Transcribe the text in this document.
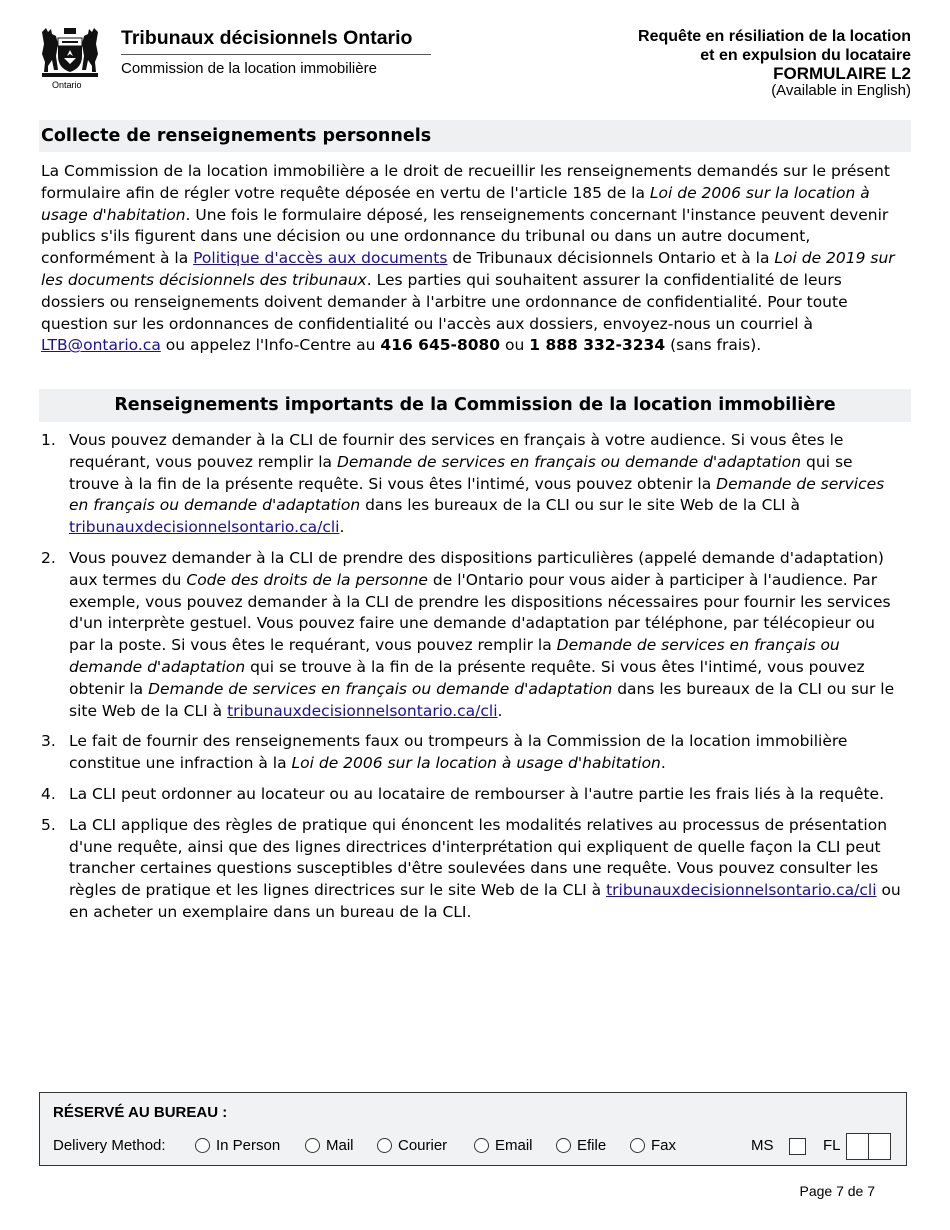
Ontario
Tribunaux décisionnels Ontario
Commission de la location immobilière
Requête en résiliation de la location
et en expulsion du locataire
FORMULAIRE L2
(Available in English)
Collecte de renseignements personnels

La Commission de la location immobilière a le droit de recueillir les renseignements demandés sur le présent formulaire afin de régler votre requête déposée en vertu de l'article 185 de la Loi de 2006 sur la location à usage d'habitation. Une fois le formulaire déposé, les renseignements concernant l'instance peuvent devenir publics s'ils figurent dans une décision ou une ordonnance du tribunal ou dans un autre document, conformément à la Politique d'accès aux documents de Tribunaux décisionnels Ontario et à la Loi de 2019 sur les documents décisionnels des tribunaux. Les parties qui souhaitent assurer la confidentialité de leurs dossiers ou renseignements doivent demander à l'arbitre une ordonnance de confidentialité. Pour toute question sur les ordonnances de confidentialité ou l'accès aux dossiers, envoyez-nous un courriel à LTB@ontario.ca ou appelez l'Info-Centre au 416 645-8080 ou 1 888 332-3234 (sans frais).

Renseignements importants de la Commission de la location immobilière
1. Vous pouvez demander à la CLI de fournir des services en français à votre audience. Si vous êtes le requérant, vous pouvez remplir la Demande de services en français ou demande d'adaptation qui se trouve à la fin de la présente requête. Si vous êtes l'intimé, vous pouvez obtenir la Demande de services en français ou demande d'adaptation dans les bureaux de la CLI ou sur le site Web de la CLI à tribunauxdecisionnelsontario.ca/cli.
2. Vous pouvez demander à la CLI de prendre des dispositions particulières (appelé demande d'adaptation) aux termes du Code des droits de la personne de l'Ontario pour vous aider à participer à l'audience. Par exemple, vous pouvez demander à la CLI de prendre les dispositions nécessaires pour fournir les services d'un interprète gestuel. Vous pouvez faire une demande d'adaptation par téléphone, par télécopieur ou par la poste. Si vous êtes le requérant, vous pouvez remplir la Demande de services en français ou demande d'adaptation qui se trouve à la fin de la présente requête. Si vous êtes l'intimé, vous pouvez obtenir la Demande de services en français ou demande d'adaptation dans les bureaux de la CLI ou sur le site Web de la CLI à tribunauxdecisionnelsontario.ca/cli.
3. Le fait de fournir des renseignements faux ou trompeurs à la Commission de la location immobilière constitue une infraction à la Loi de 2006 sur la location à usage d'habitation.
4. La CLI peut ordonner au locateur ou au locataire de rembourser à l'autre partie les frais liés à la requête.
5. La CLI applique des règles de pratique qui énoncent les modalités relatives au processus de présentation d'une requête, ainsi que des lignes directrices d'interprétation qui expliquent de quelle façon la CLI peut trancher certaines questions susceptibles d'être soulevées dans une requête. Vous pouvez consulter les règles de pratique et les lignes directrices sur le site Web de la CLI à tribunauxdecisionnelsontario.ca/cli ou en acheter un exemplaire dans un bureau de la CLI.
RÉSERVÉ AU BUREAU :
Delivery Method:	In Person	Mail	Courier	Email	Efile	Fax	MS	FL
Page 7 de 7
